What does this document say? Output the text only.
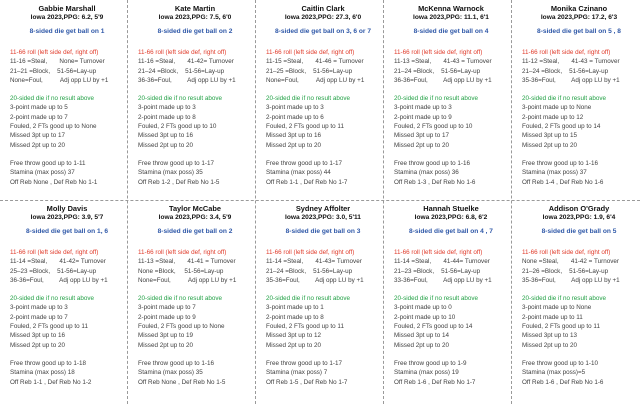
Gabbie Marshall
Iowa 2023,PPG: 6.2, 5'9
8-sided die get ball on 1
11-66 roll (left side def, right off)
11-16 =Steal,       None= Turnover
21–21 =Block,    51-56=Lay-up
None=Foul,          Adj opp LU by +1
20-sided die if no result above
3-point made up to 5
2-point made up to 7
Fouled, 2 FTs good up to None
Missed 3pt up to 17
Missed 2pt up to 20
Free throw good up to 1-11
Stamina (max poss) 37
Off Reb None , Def Reb No 1-1
Kate Martin
Iowa 2023,PPG: 7.5, 6'0
8-sided die get ball on 2
11-66 roll (left side def, right off)
11-16 =Steal,       41-42= Turnover
21–24 =Block,    51-56=Lay-up
36-36=Foul,         Adj opp LU by +1
20-sided die if no result above
3-point made up to 3
2-point made up to 8
Fouled, 2 FTs good up to 10
Missed 3pt up to 16
Missed 2pt up to 20
Free throw good up to 1-17
Stamina (max poss) 35
Off Reb 1-2 , Def Reb No 1-5
Caitlin Clark
Iowa 2023,PPG: 27.3, 6'0
8-sided die get ball on 3, 6 or 7
11-66 roll (left side def, right off)
11-15 =Steal,       41-46 = Turnover
21–25 =Block,    51-56=Lay-up
None=Foul,          Adj opp LU by +1
20-sided die if no result above
3-point made up to 3
2-point made up to 6
Fouled, 2 FTs good up to 11
Missed 3pt up to 16
Missed 2pt up to 20
Free throw good up to 1-17
Stamina (max poss) 44
Off Reb 1-1 , Def Reb No 1-7
McKenna Warnock
Iowa 2023,PPG: 11.1, 6'1
8-sided die get ball on 4
11-66 roll (left side def, right off)
11-13 =Steal,       41-43 = Turnover
21–24 =Block,    51-56=Lay-up
36-36=Foul,         Adj opp LU by +1
20-sided die if no result above
3-point made up to 3
2-point made up to 9
Fouled, 2 FTs good up to 10
Missed 3pt up to 17
Missed 2pt up to 20
Free throw good up to 1-16
Stamina (max poss) 36
Off Reb 1-3 , Def Reb No 1-6
Monika Czinano
Iowa 2023,PPG: 17.2, 6'3
8-sided die get ball on 5 , 8
11-66 roll (left side def, right off)
11-12 =Steal,       41-43 = Turnover
21–24 =Block,    51-56=Lay-up
35-36=Foul,         Adj opp LU by +1
20-sided die if no result above
3-point made up to None
2-point made up to 12
Fouled, 2 FTs good up to 14
Missed 3pt up to 15
Missed 2pt up to 20
Free throw good up to 1-16
Stamina (max poss) 37
Off Reb 1-4 , Def Reb No 1-6
Molly Davis
Iowa 2023,PPG: 3.9, 5'7
8-sided die get ball on 1, 6
11-66 roll (left side def, right off)
11-14 =Steal,       41-42= Turnover
25–23 =Block,    51-56=Lay-up
36-36=Foul,         Adj opp LU by +1
20-sided die if no result above
3-point made up to 3
2-point made up to 7
Fouled, 2 FTs good up to 11
Missed 3pt up to 16
Missed 2pt up to 20
Free throw good up to 1-18
Stamina (max poss) 18
Off Reb 1-1 , Def Reb No 1-2
Taylor McCabe
Iowa 2023,PPG: 3.4, 5'9
8-sided die get ball on 2
11-66 roll (left side def, right off)
11-13 =Steal,       41-41 = Turnover
None =Block,     51-56=Lay-up
None=Foul,          Adj opp LU by +1
20-sided die if no result above
3-point made up to 7
2-point made up to 9
Fouled, 2 FTs good up to None
Missed 3pt up to 19
Missed 2pt up to 20
Free throw good up to 1-16
Stamina (max poss) 35
Off Reb None , Def Reb No 1-5
Sydney Affolter
Iowa 2023,PPG: 3.0, 5'11
8-sided die get ball on 3
11-66 roll (left side def, right off)
11-14 =Steal,       41-43= Turnover
21–24 =Block,    51-56=Lay-up
35-36=Foul,         Adj opp LU by +1
20-sided die if no result above
3-point made up to 1
2-point made up to 8
Fouled, 2 FTs good up to 11
Missed 3pt up to 12
Missed 2pt up to 20
Free throw good up to 1-17
Stamina (max poss) 7
Off Reb 1-5 , Def Reb No 1-7
Hannah Stuelke
Iowa 2023,PPG: 6.8, 6'2
8-sided die get ball on 4 , 7
11-66 roll (left side def, right off)
11-14 =Steal,       41-44= Turnover
21–23 =Block,    51-56=Lay-up
33-36=Foul,         Adj opp LU by +1
20-sided die if no result above
3-point made up to 0
2-point made up to 10
Fouled, 2 FTs good up to 14
Missed 3pt up to 14
Missed 2pt up to 20
Free throw good up to 1-9
Stamina (max poss) 19
Off Reb 1-6 , Def Reb No 1-7
Addison O'Grady
Iowa 2023,PPG: 1.9, 6'4
8-sided die get ball on 5
11-66 roll (left side def, right off)
None =Steal,       41-42 = Turnover
21–26 =Block,    51-56=Lay-up
35-36=Foul,         Adj opp LU by +1
20-sided die if no result above
3-point made up to None
2-point made up to 11
Fouled, 2 FTs good up to 11
Missed 3pt up to 13
Missed 2pt up to 20
Free throw good up to 1-10
Stamina (max poss)=5
Off Reb 1-6 , Def Reb No 1-6
